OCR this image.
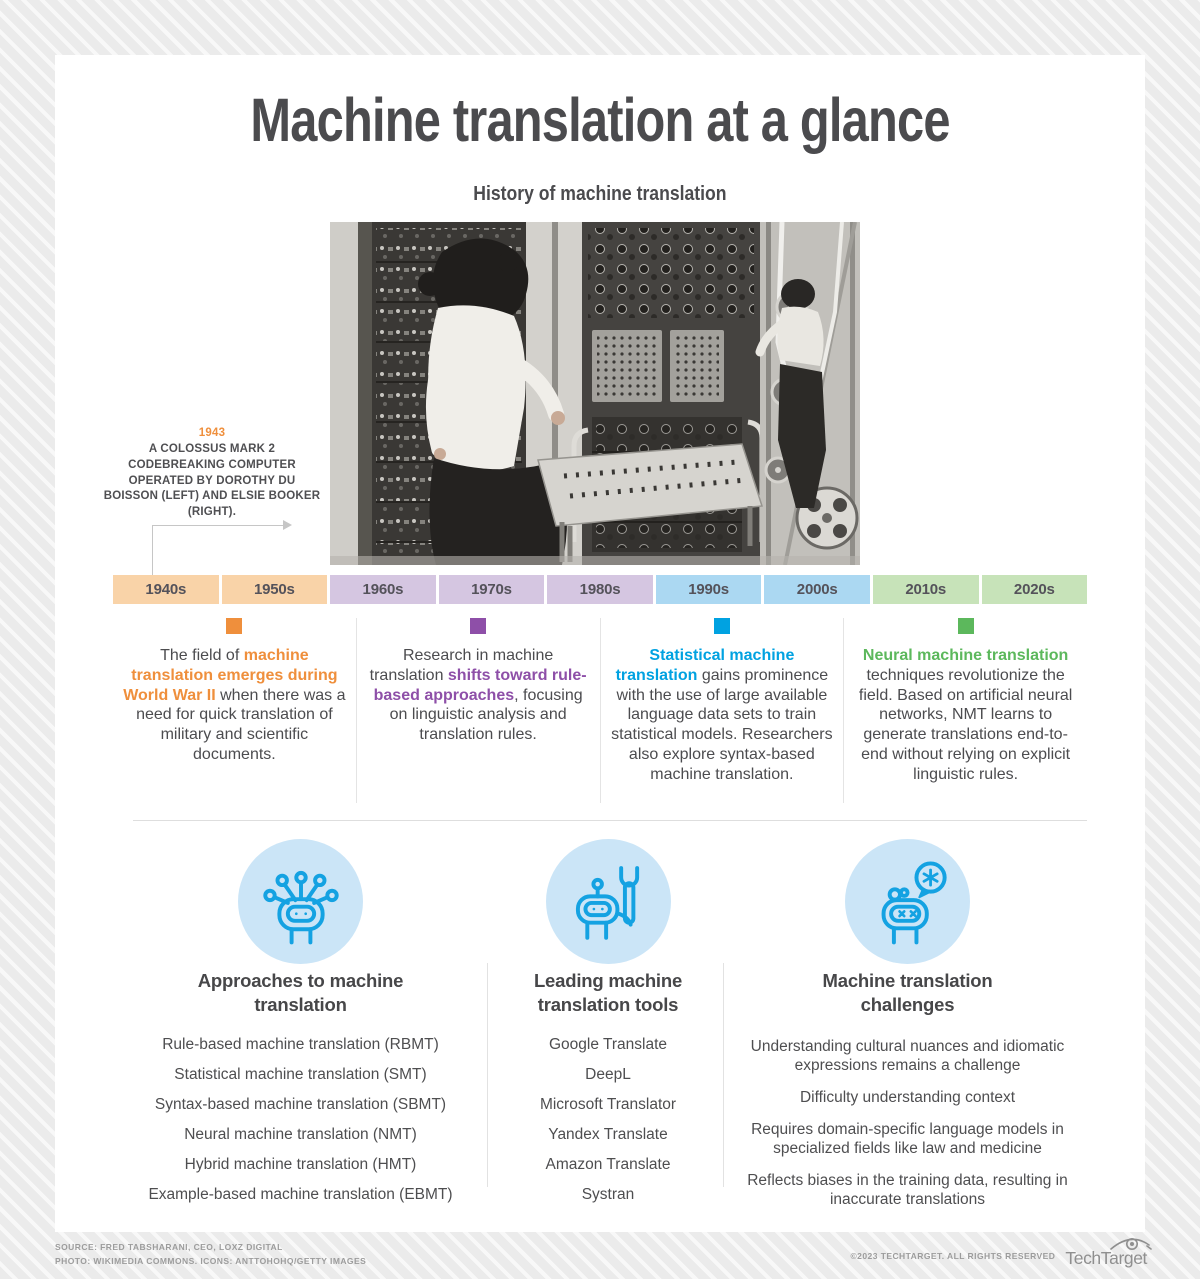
Machine translation at a glance
History of machine translation
1943
A COLOSSUS MARK 2 CODEBREAKING COMPUTER OPERATED BY DOROTHY DU BOISSON (LEFT) AND ELSIE BOOKER (RIGHT).
1940s	1950s	1960s	1970s	1980s	1990s	2000s	2010s	2020s

The field of machine translation emerges during World War II when there was a need for quick translation of military and scientific documents.

Research in machine translation shifts toward rule-based approaches, focusing on linguistic analysis and translation rules.

Statistical machine translation gains prominence with the use of large available language data sets to train statistical models. Researchers also explore syntax-based machine translation.

Neural machine translation techniques revolutionize the field. Based on artificial neural networks, NMT learns to generate translations end-to-end without relying on explicit linguistic rules.

Approaches to machine translation
Rule-based machine translation (RBMT)
Statistical machine translation (SMT)
Syntax-based machine translation (SBMT)
Neural machine translation (NMT)
Hybrid machine translation (HMT)
Example-based machine translation (EBMT)
Leading machine translation tools
Google Translate
DeepL
Microsoft Translator
Yandex Translate
Amazon Translate
Systran
Machine translation challenges
Understanding cultural nuances and idiomatic expressions remains a challenge
Difficulty understanding context
Requires domain-specific language models in specialized fields like law and medicine
Reflects biases in the training data, resulting in inaccurate translations
SOURCE: FRED TABSHARANI, CEO, LOXZ DIGITAL
PHOTO: WIKIMEDIA COMMONS. ICONS: ANTTOHOHQ/GETTY IMAGES
©2023 TECHTARGET. ALL RIGHTS RESERVED TechTarget
